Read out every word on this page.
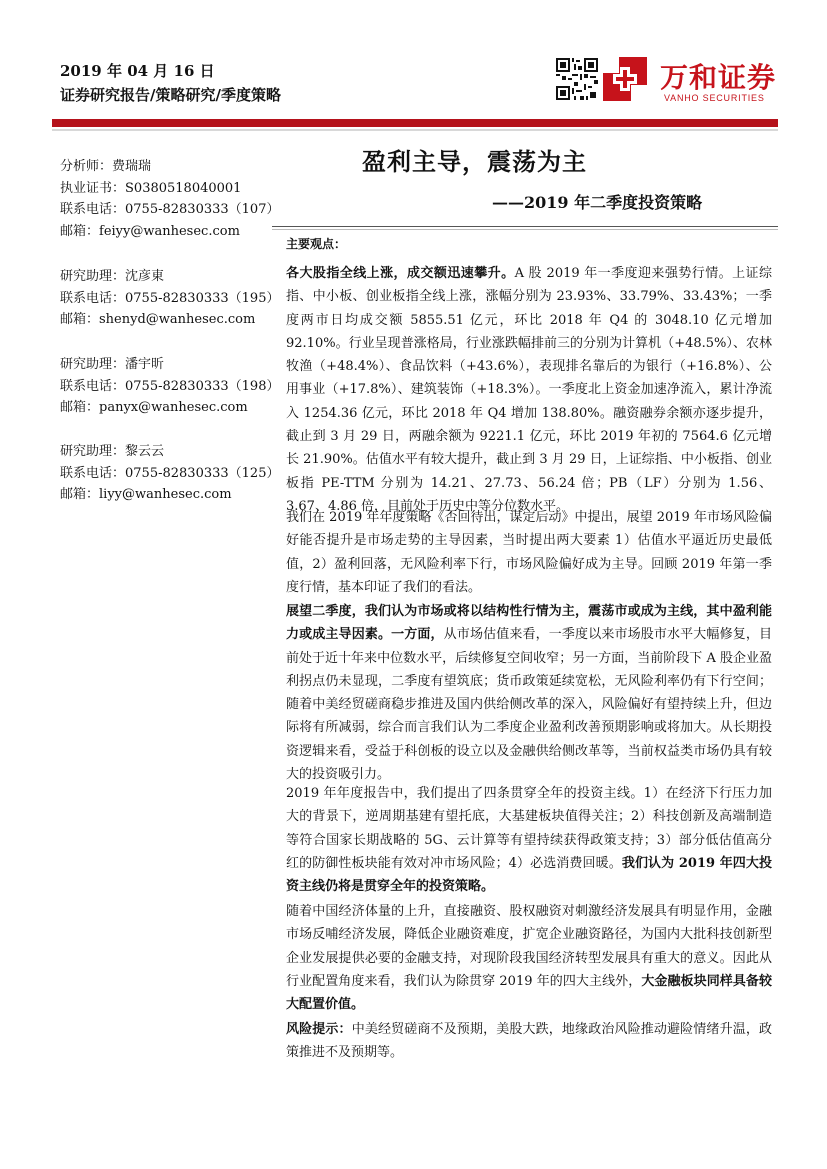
2019 年 04 月 16 日
证券研究报告/策略研究/季度策略
万和证券
VANHO SECURITIES
分析师：费瑞瑞
执业证书：S0380518040001
联系电话：0755-82830333（107）
邮箱：feiyy@wanhesec.com
研究助理：沈彦東
联系电话：0755-82830333（195）
邮箱：shenyd@wanhesec.com
研究助理：潘宇昕
联系电话：0755-82830333（198）
邮箱：panyx@wanhesec.com
研究助理：黎云云
联系电话：0755-82830333（125）
邮箱：liyy@wanhesec.com
盈利主导，震荡为主
——2019 年二季度投资策略
主要观点：

各大股指全线上涨，成交额迅速攀升。A 股 2019 年一季度迎来强势行情。上证综指、中小板、创业板指全线上涨，涨幅分别为 23.93%、33.79%、33.43%；一季度两市日均成交额 5855.51 亿元，环比 2018 年 Q4 的 3048.10 亿元增加 92.10%。行业呈现普涨格局，行业涨跌幅排前三的分别为计算机（+48.5%）、农林牧渔（+48.4%）、食品饮料（+43.6%），表现排名靠后的为银行（+16.8%）、公用事业（+17.8%）、建筑装饰（+18.3%）。一季度北上资金加速净流入，累计净流入 1254.36 亿元，环比 2018 年 Q4 增加 138.80%。融资融券余额亦逐步提升，截止到 3 月 29 日，两融余额为 9221.1 亿元，环比 2019 年初的 7564.6 亿元增长 21.90%。估值水平有较大提升，截止到 3 月 29 日，上证综指、中小板指、创业板指 PE-TTM 分别为 14.21、27.73、56.24 倍；PB（LF）分别为 1.56、3.67、4.86 倍，目前处于历史中等分位数水平。

我们在 2019 年年度策略《否回待出，谋定后动》中提出，展望 2019 年市场风险偏好能否提升是市场走势的主导因素，当时提出两大要素 1）估值水平逼近历史最低值，2）盈利回落，无风险利率下行，市场风险偏好成为主导。回顾 2019 年第一季度行情，基本印证了我们的看法。

展望二季度，我们认为市场或将以结构性行情为主，震荡市或成为主线，其中盈利能力或成主导因素。一方面，从市场估值来看，一季度以来市场股市水平大幅修复，目前处于近十年来中位数水平，后续修复空间收窄；另一方面，当前阶段下 A 股企业盈利拐点仍未显现，二季度有望筑底；货币政策延续宽松，无风险利率仍有下行空间；随着中美经贸磋商稳步推进及国内供给侧改革的深入，风险偏好有望持续上升，但边际将有所减弱，综合而言我们认为二季度企业盈利改善预期影响或将加大。从长期投资逻辑来看，受益于科创板的设立以及金融供给侧改革等，当前权益类市场仍具有较大的投资吸引力。

2019 年年度报告中，我们提出了四条贯穿全年的投资主线。1）在经济下行压力加大的背景下，逆周期基建有望托底，大基建板块值得关注；2）科技创新及高端制造等符合国家长期战略的 5G、云计算等有望持续获得政策支持；3）部分低估值高分红的防御性板块能有效对冲市场风险；4）必选消费回暖。我们认为 2019 年四大投资主线仍将是贯穿全年的投资策略。

随着中国经济体量的上升，直接融资、股权融资对刺激经济发展具有明显作用，金融市场反哺经济发展，降低企业融资难度，扩宽企业融资路径，为国内大批科技创新型企业发展提供必要的金融支持，对现阶段我国经济转型发展具有重大的意义。因此从行业配置角度来看，我们认为除贯穿 2019 年的四大主线外，大金融板块同样具备较大配置价值。

风险提示：中美经贸磋商不及预期，美股大跌，地缘政治风险推动避险情绪升温，政策推进不及预期等。
